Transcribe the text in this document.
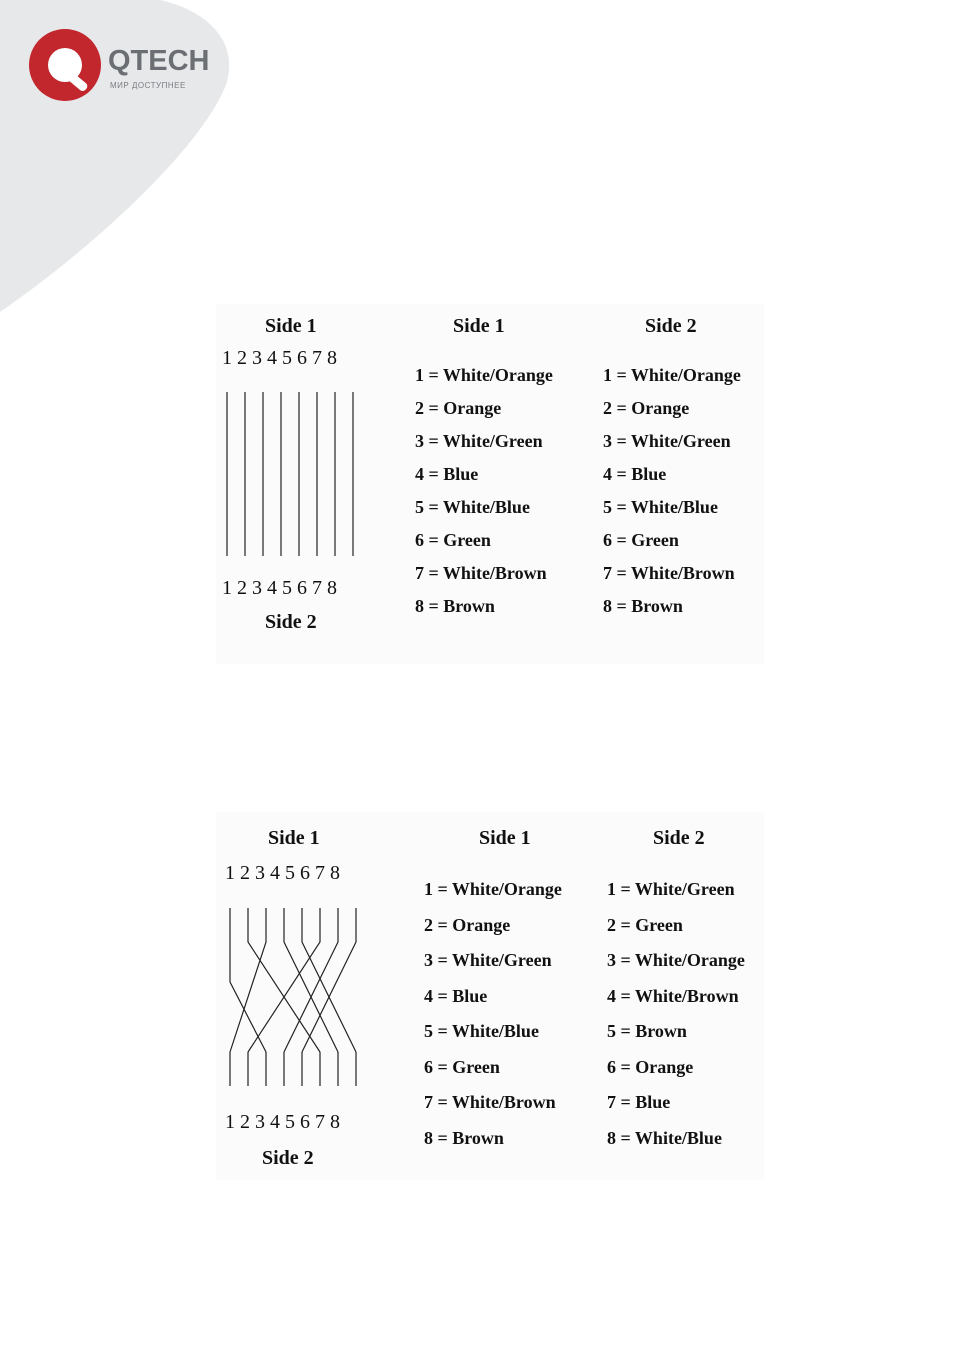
QTECH
МИР ДОСТУПНЕЕ
Side 1
1 2 3 4 5 6 7 8
1 2 3 4 5 6 7 8
Side 2
Side 1	Side 2
1 = White/Orange
2 = Orange
3 = White/Green
4 = Blue
5 = White/Blue
6 = Green
7 = White/Brown
8 = Brown
1 = White/Orange
2 = Orange
3 = White/Green
4 = Blue
5 = White/Blue
6 = Green
7 = White/Brown
8 = Brown
Side 1
1 2 3 4 5 6 7 8
1 2 3 4 5 6 7 8
Side 2
Side 1	Side 2
1 = White/Orange
2 = Orange
3 = White/Green
4 = Blue
5 = White/Blue
6 = Green
7 = White/Brown
8 = Brown
1 = White/Green
2 = Green
3 = White/Orange
4 = White/Brown
5 = Brown
6 = Orange
7 = Blue
8 = White/Blue
